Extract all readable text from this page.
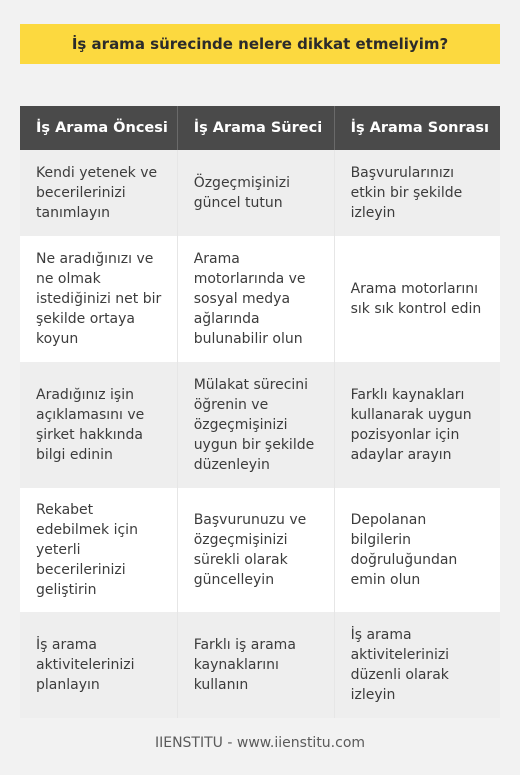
İş arama sürecinde nelere dikkat etmeliyim?
İş Arama Öncesi	İş Arama Süreci	İş Arama Sonrası
Kendi yetenek ve becerilerinizi tanımlayın	Özgeçmişinizi güncel tutun	Başvurularınızı etkin bir şekilde izleyin
Ne aradığınızı ve ne olmak istediğinizi net bir şekilde ortaya koyun	Arama motorlarında ve sosyal medya ağlarında bulunabilir olun	Arama motorlarını sık sık kontrol edin
Aradığınız işin açıklamasını ve şirket hakkında bilgi edinin	Mülakat sürecini öğrenin ve özgeçmişinizi uygun bir şekilde düzenleyin	Farklı kaynakları kullanarak uygun pozisyonlar için adaylar arayın
Rekabet edebilmek için yeterli becerilerinizi geliştirin	Başvurunuzu ve özgeçmişinizi sürekli olarak güncelleyin	Depolanan bilgilerin doğruluğundan emin olun
İş arama aktivitelerinizi planlayın	Farklı iş arama kaynaklarını kullanın	İş arama aktivitelerinizi düzenli olarak izleyin
IIENSTITU - www.iienstitu.com
